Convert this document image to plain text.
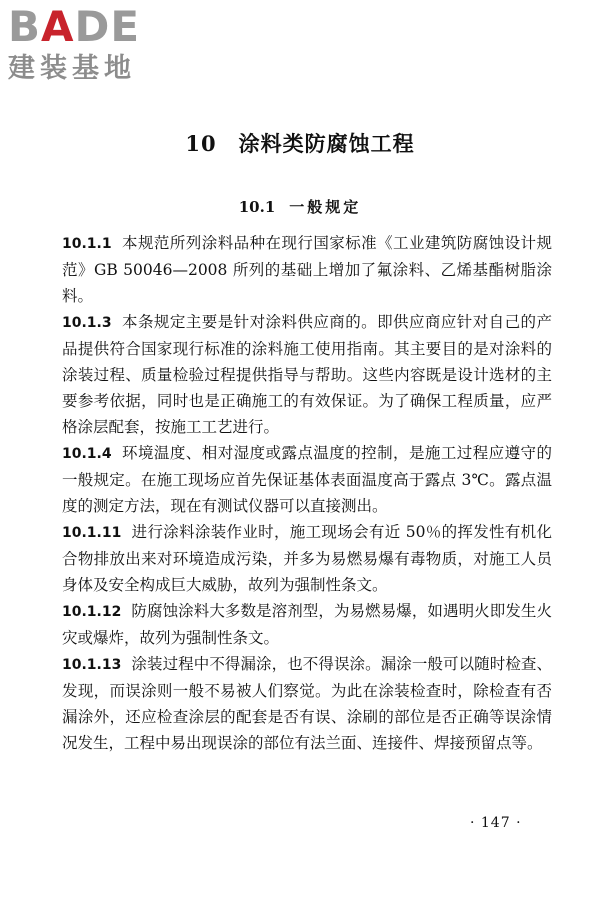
BADE
建装基地
10 涂料类防腐蚀工程
10.1 一般规定

10.1.1 本规范所列涂料品种在现行国家标准《工业建筑防腐蚀设计规范》GB 50046—2008 所列的基础上增加了氟涂料、乙烯基酯树脂涂料。

10.1.3 本条规定主要是针对涂料供应商的。即供应商应针对自己的产品提供符合国家现行标准的涂料施工使用指南。其主要目的是对涂料的涂装过程、质量检验过程提供指导与帮助。这些内容既是设计选材的主要参考依据，同时也是正确施工的有效保证。为了确保工程质量，应严格涂层配套，按施工工艺进行。

10.1.4 环境温度、相对湿度或露点温度的控制，是施工过程应遵守的一般规定。在施工现场应首先保证基体表面温度高于露点 3℃。露点温度的测定方法，现在有测试仪器可以直接测出。

10.1.11 进行涂料涂装作业时，施工现场会有近 50％的挥发性有机化合物排放出来对环境造成污染，并多为易燃易爆有毒物质，对施工人员身体及安全构成巨大威胁，故列为强制性条文。

10.1.12 防腐蚀涂料大多数是溶剂型，为易燃易爆，如遇明火即发生火灾或爆炸，故列为强制性条文。

10.1.13 涂装过程中不得漏涂，也不得误涂。漏涂一般可以随时检查、发现，而误涂则一般不易被人们察觉。为此在涂装检查时，除检查有否漏涂外，还应检查涂层的配套是否有误、涂刷的部位是否正确等误涂情况发生，工程中易出现误涂的部位有法兰面、连接件、焊接预留点等。

· 147 ·
